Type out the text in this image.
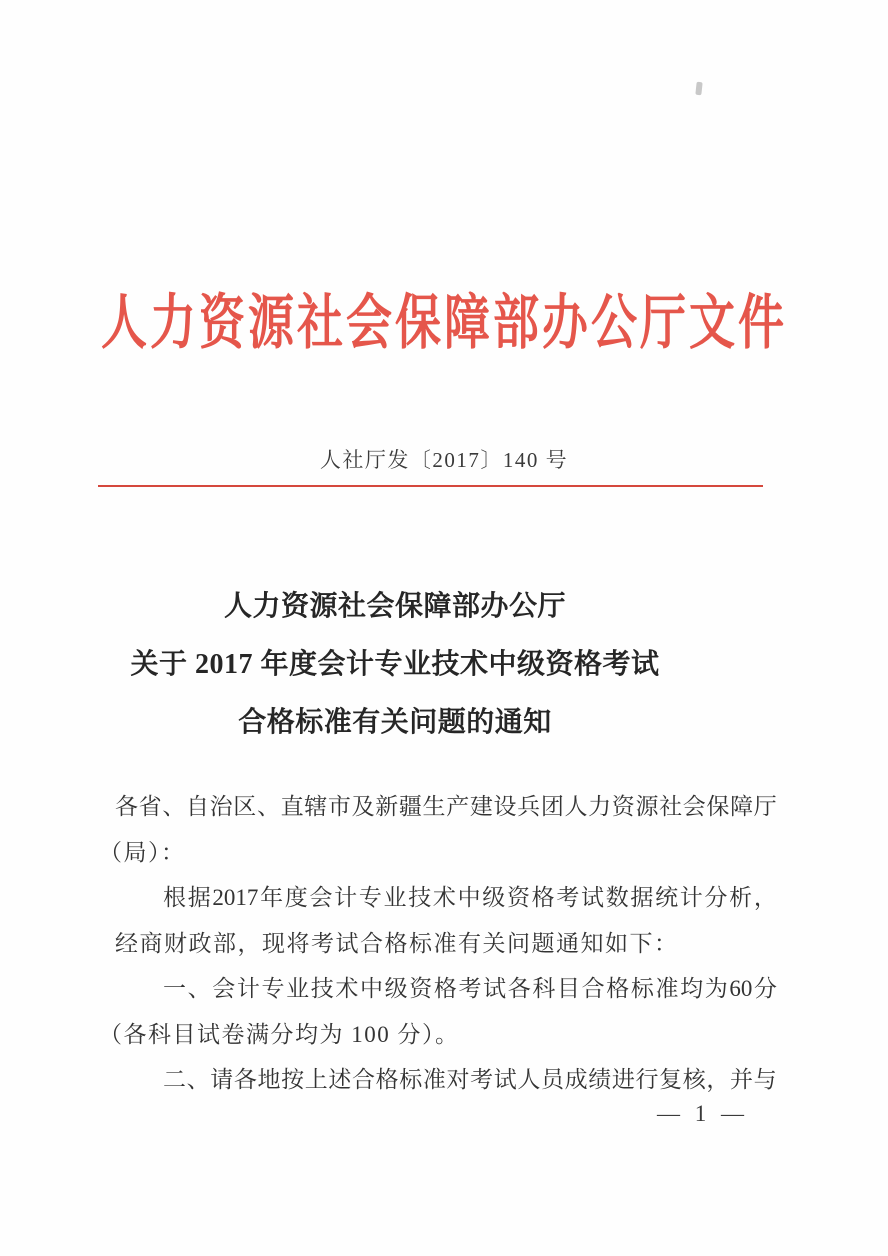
人力资源社会保障部办公厅文件
人社厅发〔2017〕140 号
人力资源社会保障部办公厅
关于 2017 年度会计专业技术中级资格考试
合格标准有关问题的通知
各 省 、 自 治 区 、 直 辖 市 及 新 疆 生 产 建 设 兵 团 人 力 资 源 社 会 保 障 厅
（局）：
根 据 2017 年 度 会 计 专 业 技 术 中 级 资 格 考 试 数 据 统 计 分 析 ，
经商财政部，现将考试合格标准有关问题通知如下：
一 、 会 计 专 业 技 术 中 级 资 格 考 试 各 科 目 合 格 标 准 均 为 60 分
（各科目试卷满分均为 100 分）。
二 、 请 各 地 按 上 述 合 格 标 准 对 考 试 人 员 成 绩 进 行 复 核 ， 并 与
— 1 —
